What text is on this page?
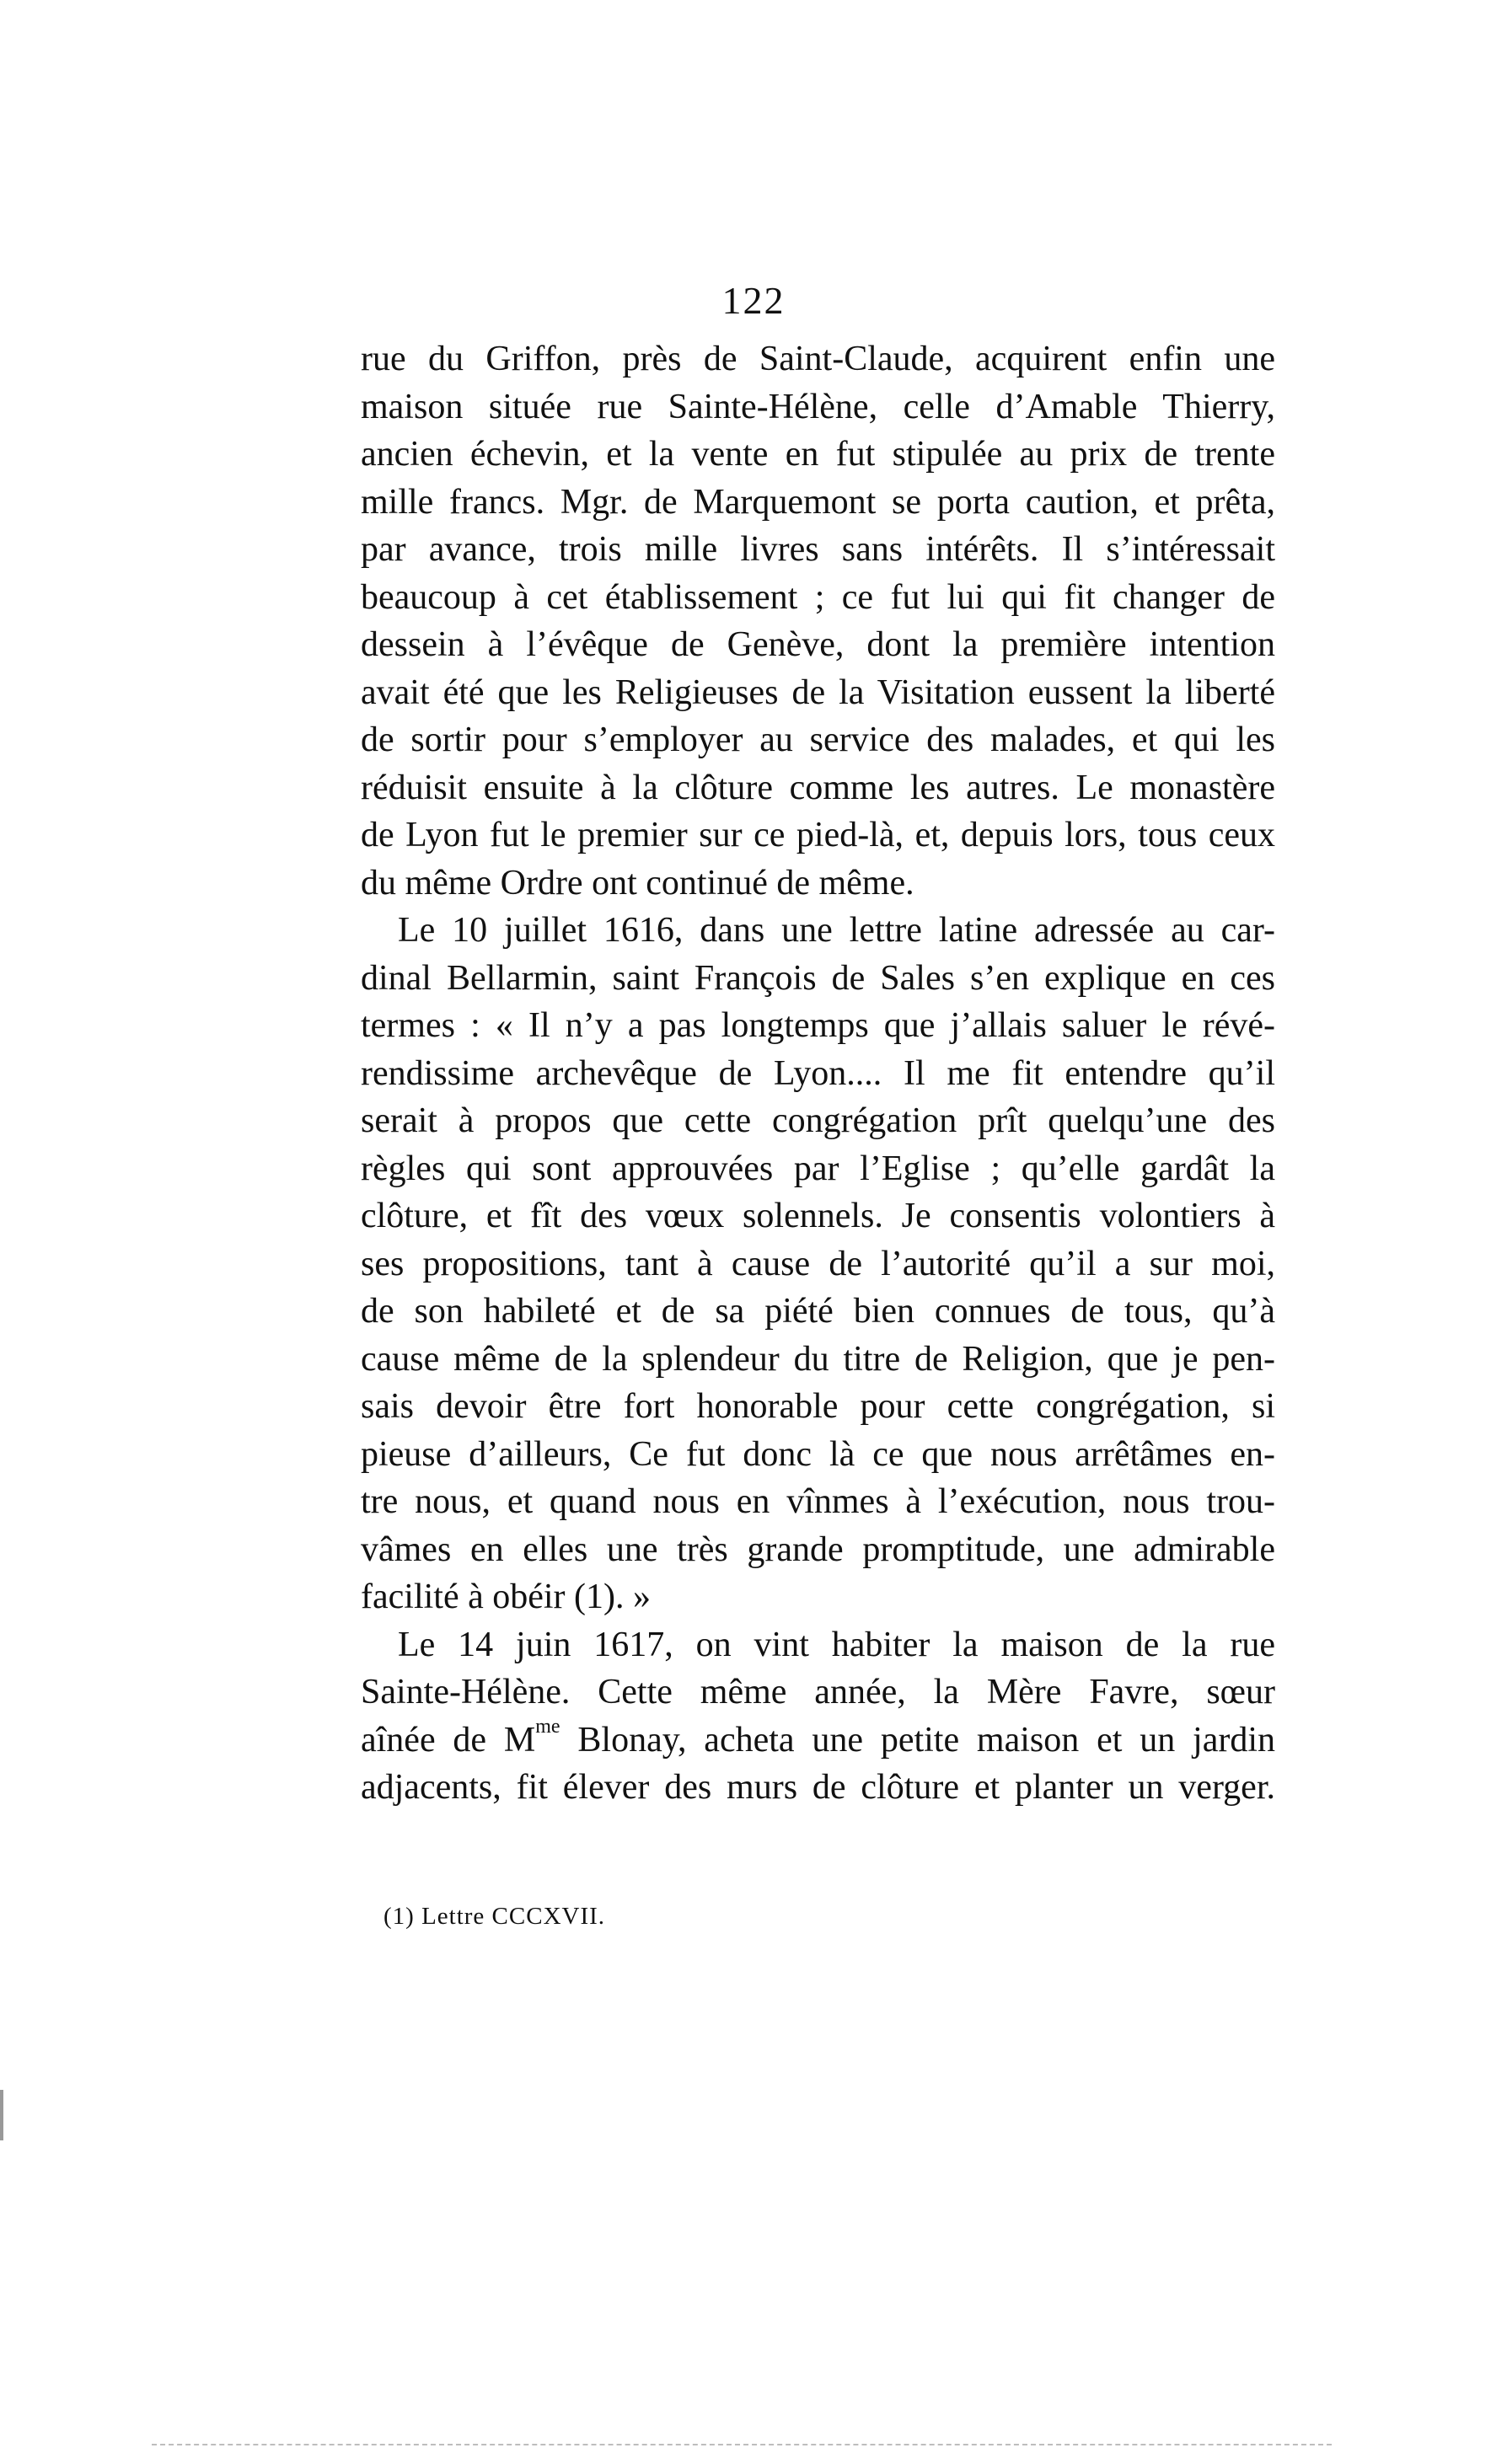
122
rue du Griffon, près de Saint-Claude, acquirent enfin une
maison située rue Sainte-Hélène, celle d’Amable Thierry,
ancien échevin, et la vente en fut stipulée au prix de trente
mille francs. Mgr. de Marquemont se porta caution, et prêta,
par avance, trois mille livres sans intérêts. Il s’intéressait
beaucoup à cet établissement ; ce fut lui qui fit changer de
dessein à l’évêque de Genève, dont la première intention
avait été que les Religieuses de la Visitation eussent la liberté
de sortir pour s’employer au service des malades, et qui les
réduisit ensuite à la clôture comme les autres. Le monastère
de Lyon fut le premier sur ce pied-là, et, depuis lors, tous ceux
du même Ordre ont continué de même.
Le 10 juillet 1616, dans une lettre latine adressée au car-
dinal Bellarmin, saint François de Sales s’en explique en ces
termes : « Il n’y a pas longtemps que j’allais saluer le révé-
rendissime archevêque de Lyon.... Il me fit entendre qu’il
serait à propos que cette congrégation prît quelqu’une des
règles qui sont approuvées par l’Eglise ; qu’elle gardât la
clôture, et fît des vœux solennels. Je consentis volontiers à
ses propositions, tant à cause de l’autorité qu’il a sur moi,
de son habileté et de sa piété bien connues de tous, qu’à
cause même de la splendeur du titre de Religion, que je pen-
sais devoir être fort honorable pour cette congrégation, si
pieuse d’ailleurs, Ce fut donc là ce que nous arrêtâmes en-
tre nous, et quand nous en vînmes à l’exécution, nous trou-
vâmes en elles une très grande promptitude, une admirable
facilité à obéir (1). »
Le 14 juin 1617, on vint habiter la maison de la rue
Sainte-Hélène. Cette même année, la Mère Favre, sœur
aînée de $M^{me}$ Blonay, acheta une petite maison et un jardin
adjacents, fit élever des murs de clôture et planter un verger.
(1) Lettre CCCXVII.
